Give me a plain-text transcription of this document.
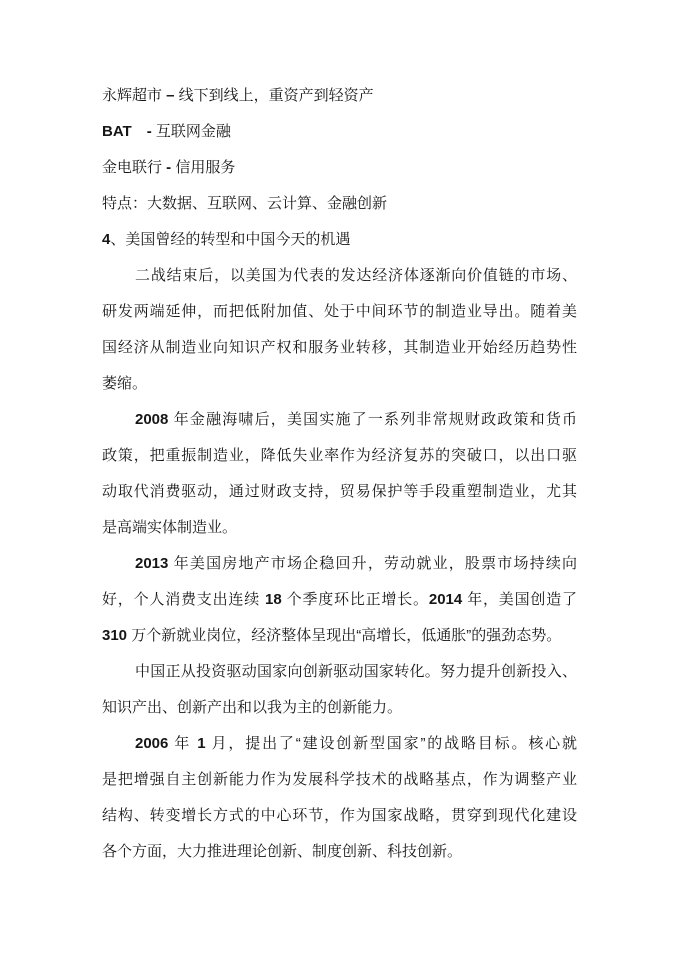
永辉超市 – 线下到线上，重资产到轻资产
BAT　 - 互联网金融
金电联行 - 信用服务
特点：大数据、互联网、云计算、金融创新
4、美国曾经的转型和中国今天的机遇
二战结束后，以美国为代表的发达经济体逐渐向价值链的市场、
研发两端延伸，而把低附加值、处于中间环节的制造业导出。随着美
国经济从制造业向知识产权和服务业转移，其制造业开始经历趋势性
萎缩。
2008 年金融海啸后，美国实施了一系列非常规财政政策和货币
政策，把重振制造业，降低失业率作为经济复苏的突破口，以出口驱
动取代消费驱动，通过财政支持，贸易保护等手段重塑制造业，尤其
是高端实体制造业。
2013 年美国房地产市场企稳回升，劳动就业，股票市场持续向
好，个人消费支出连续 18 个季度环比正增长。2014 年，美国创造了
310 万个新就业岗位，经济整体呈现出“高增长，低通胀”的强劲态势。
中国正从投资驱动国家向创新驱动国家转化。努力提升创新投入、
知识产出、创新产出和以我为主的创新能力。
2006 年 1 月，提出了“建设创新型国家”的战略目标。核心就
是把增强自主创新能力作为发展科学技术的战略基点，作为调整产业
结构、转变增长方式的中心环节，作为国家战略，贯穿到现代化建设
各个方面，大力推进理论创新、制度创新、科技创新。
